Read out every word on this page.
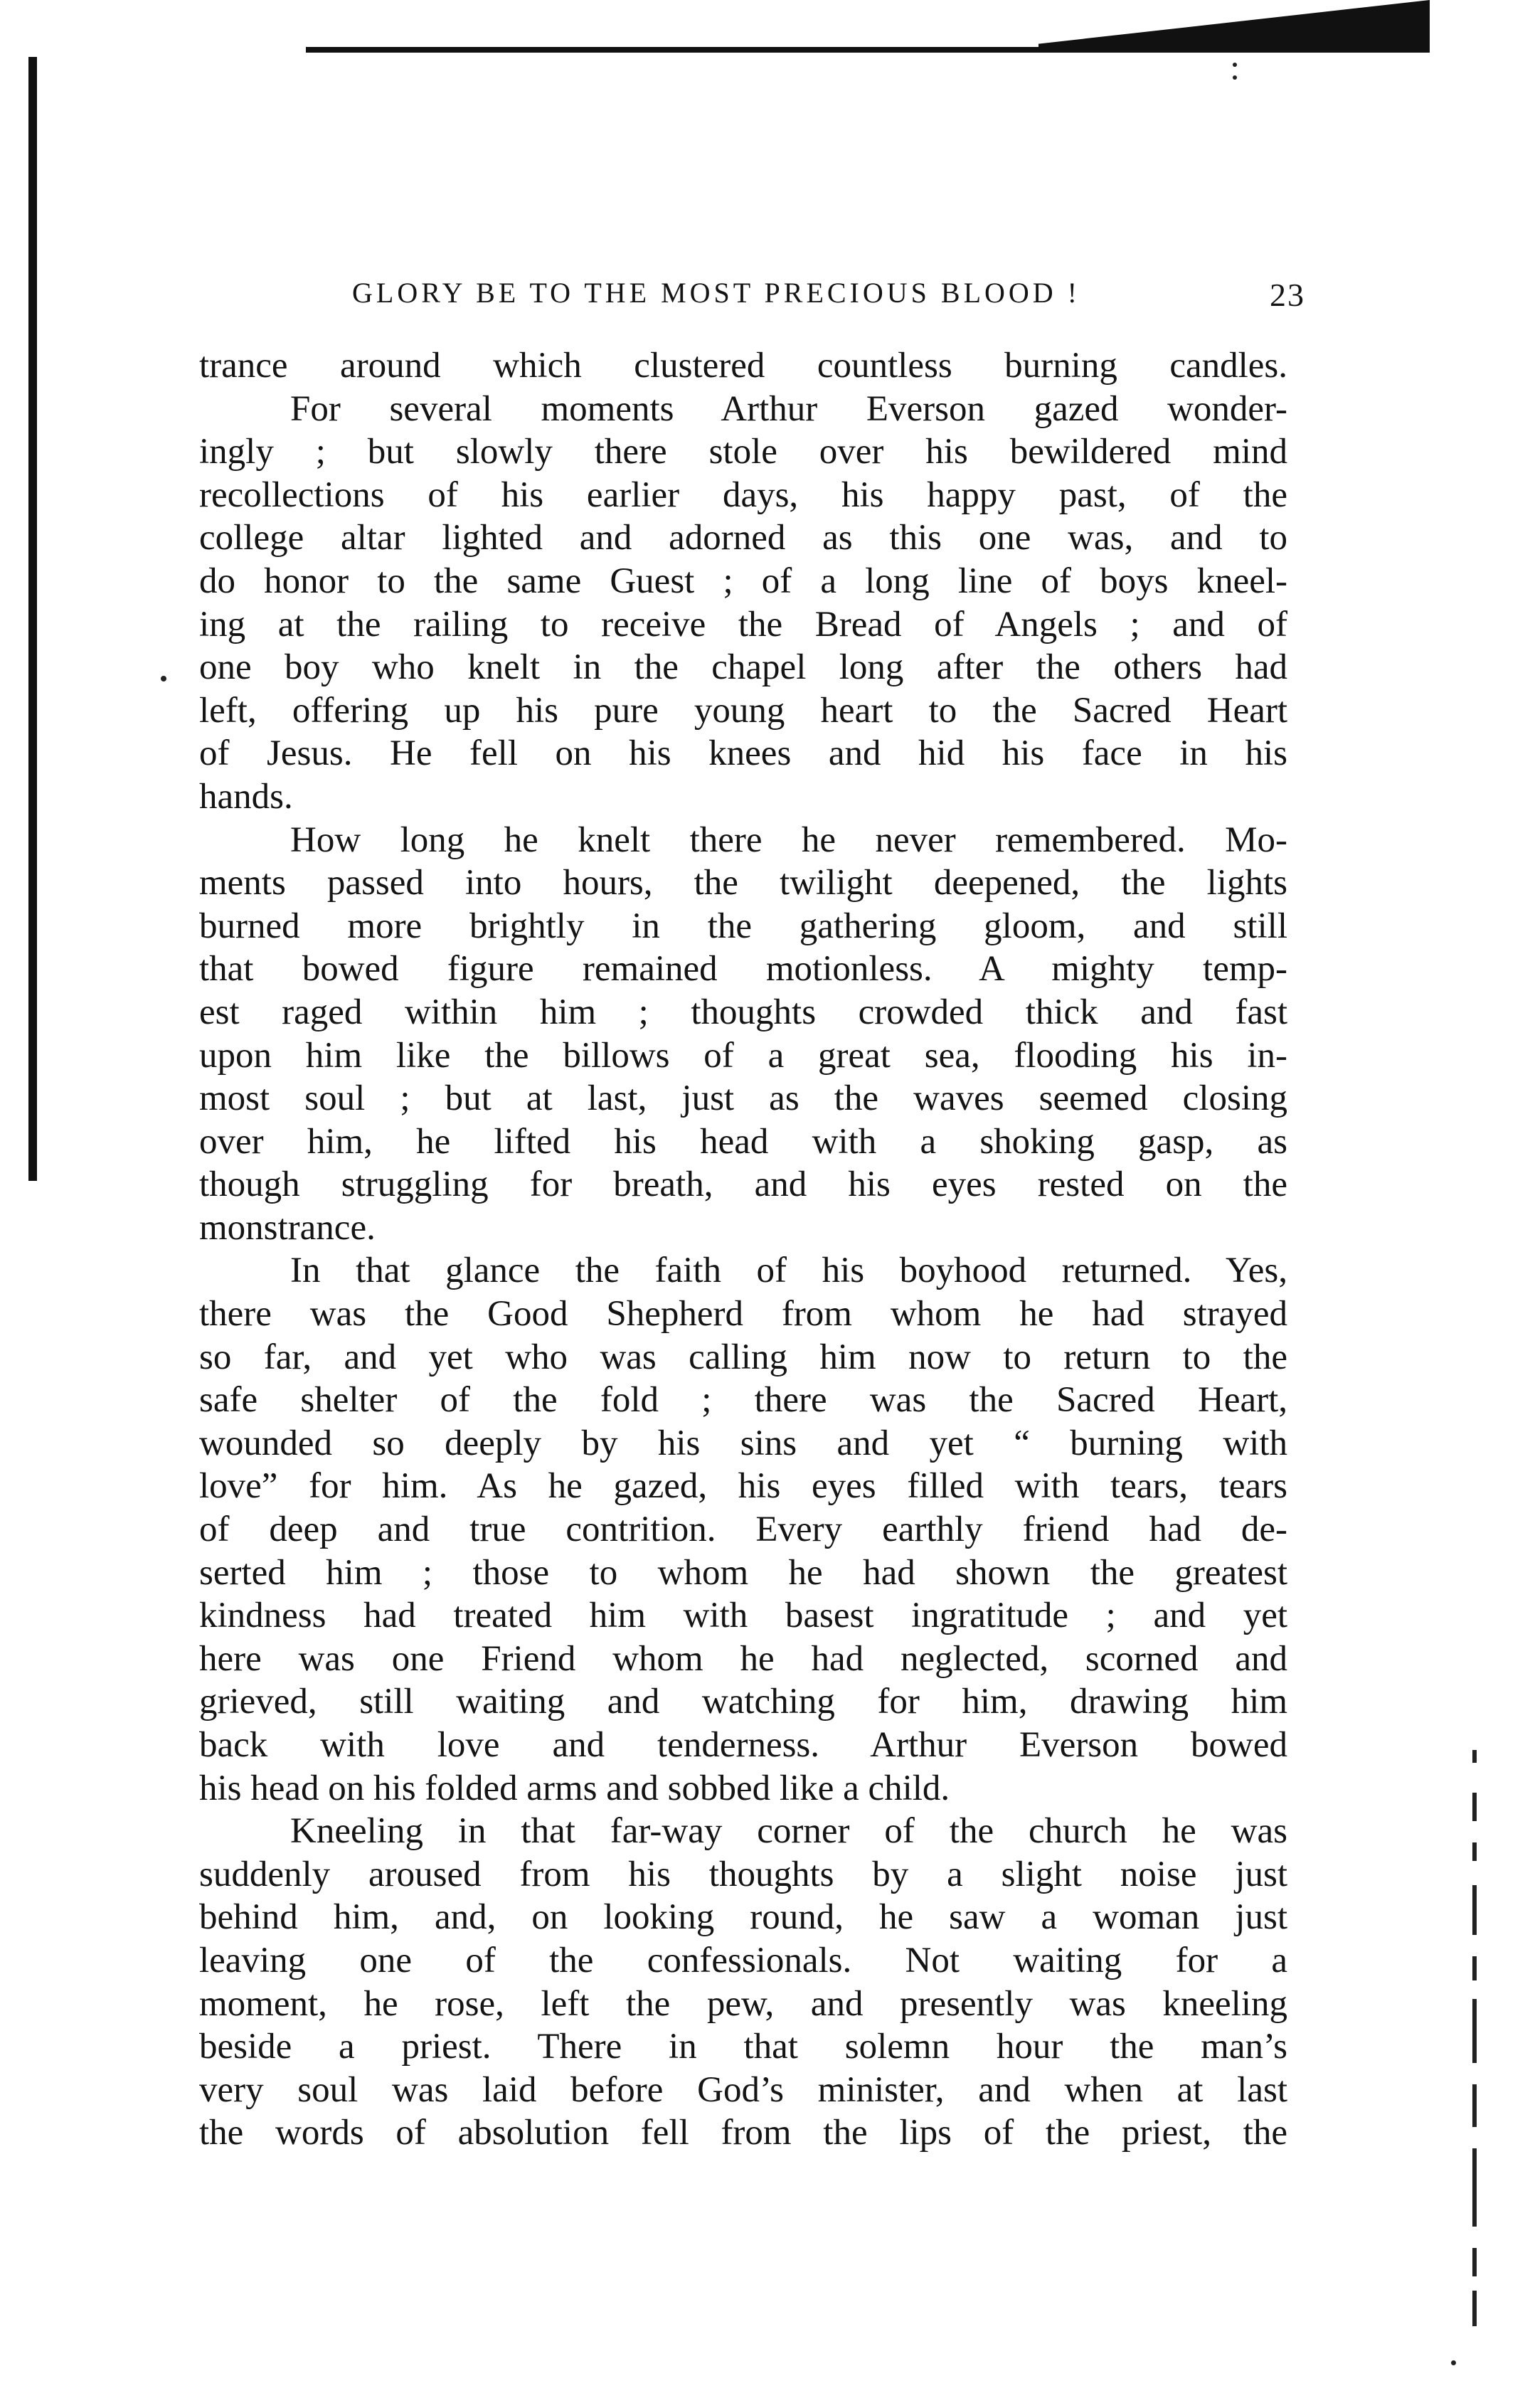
GLORY BE TO THE MOST PRECIOUS BLOOD !	23
trance around which clustered countless burning candles.
For several moments Arthur Everson gazed wonder-
ingly ; but slowly there stole over his bewildered mind
recollections of his earlier days, his happy past, of the
college altar lighted and adorned as this one was, and to
do honor to the same Guest ; of a long line of boys kneel-
ing at the railing to receive the Bread of Angels ; and of
one boy who knelt in the chapel long after the others had
left, offering up his pure young heart to the Sacred Heart
of Jesus. He fell on his knees and hid his face in his
hands.
How long he knelt there he never remembered. Mo-
ments passed into hours, the twilight deepened, the lights
burned more brightly in the gathering gloom, and still
that bowed figure remained motionless. A mighty temp-
est raged within him ; thoughts crowded thick and fast
upon him like the billows of a great sea, flooding his in-
most soul ; but at last, just as the waves seemed closing
over him, he lifted his head with a shoking gasp, as
though struggling for breath, and his eyes rested on the
monstrance.
In that glance the faith of his boyhood returned. Yes,
there was the Good Shepherd from whom he had strayed
so far, and yet who was calling him now to return to the
safe shelter of the fold ; there was the Sacred Heart,
wounded so deeply by his sins and yet “ burning with
love” for him. As he gazed, his eyes filled with tears, tears
of deep and true contrition. Every earthly friend had de-
serted him ; those to whom he had shown the greatest
kindness had treated him with basest ingratitude ; and yet
here was one Friend whom he had neglected, scorned and
grieved, still waiting and watching for him, drawing him
back with love and tenderness. Arthur Everson bowed
his head on his folded arms and sobbed like a child.
Kneeling in that far-way corner of the church he was
suddenly aroused from his thoughts by a slight noise just
behind him, and, on looking round, he saw a woman just
leaving one of the confessionals. Not waiting for a
moment, he rose, left the pew, and presently was kneeling
beside a priest. There in that solemn hour the man’s
very soul was laid before God’s minister, and when at last
the words of absolution fell from the lips of the priest, the
